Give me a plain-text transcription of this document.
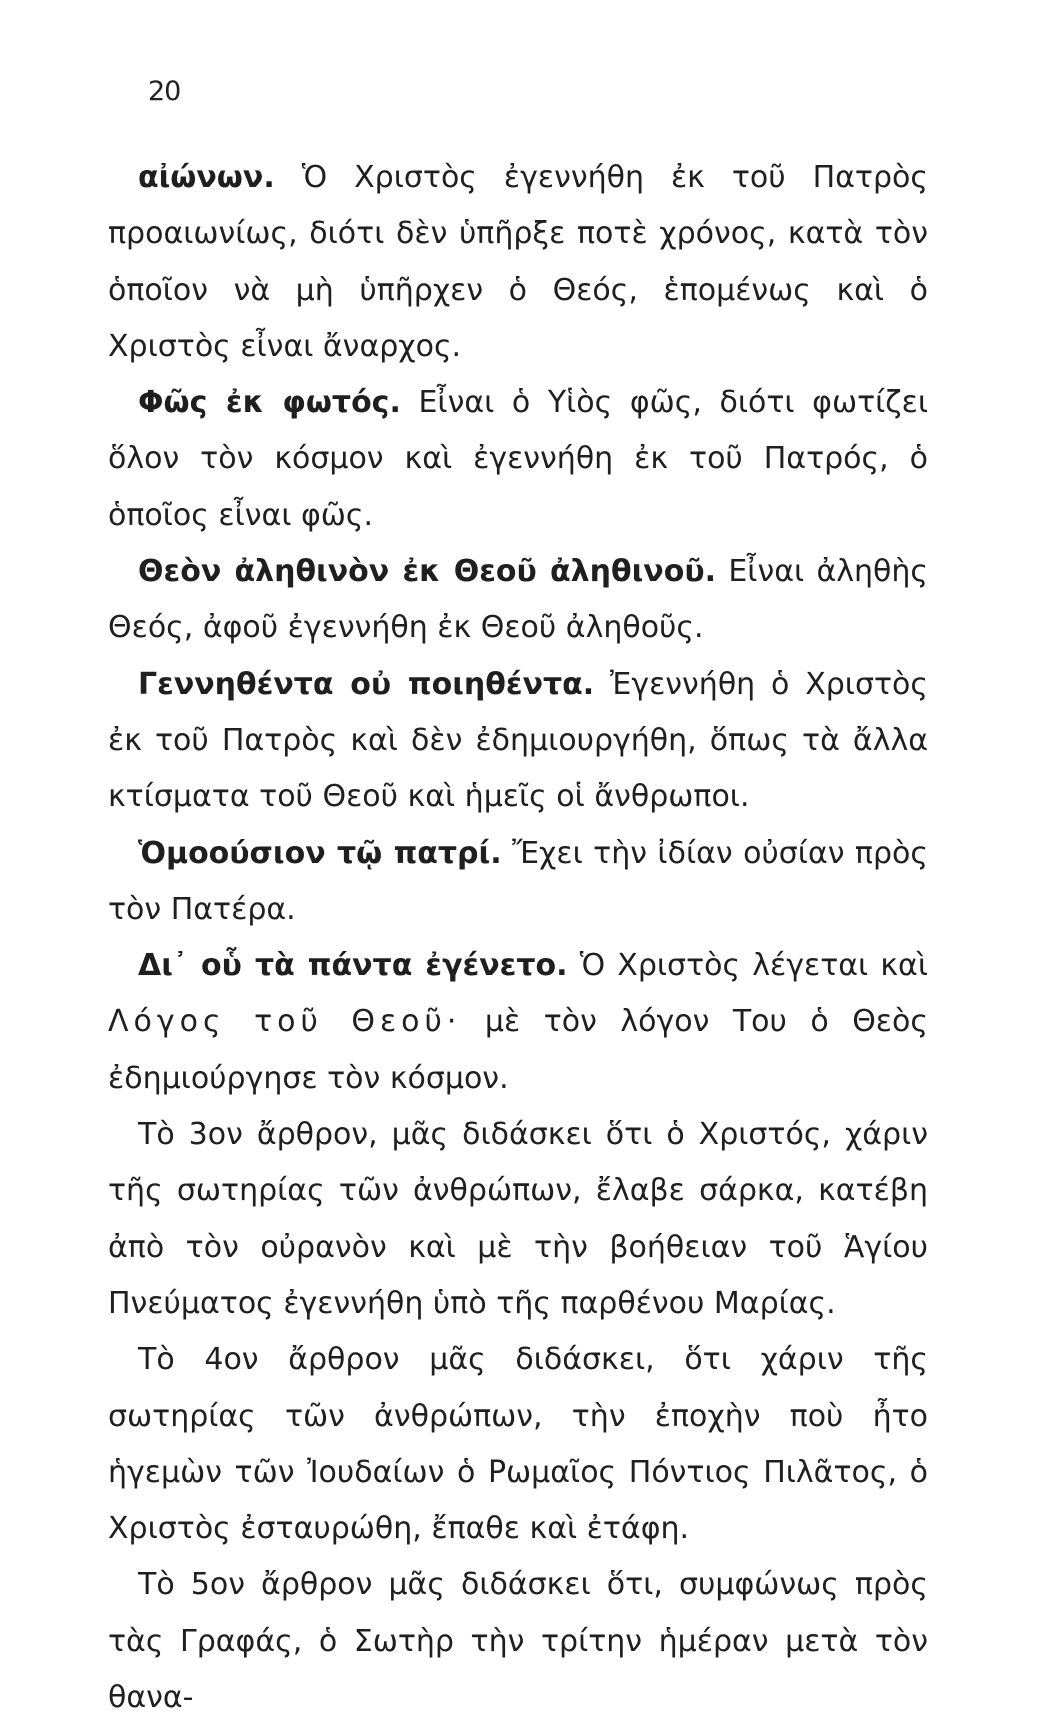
20

αἰώνων. Ὁ Χριστὸς ἐγεννήθη ἐκ τοῦ Πατρὸς προαιωνίως, διότι δὲν ὑπῆρξε ποτὲ χρόνος, κατὰ τὸν ὁποῖον νὰ μὴ ὑπῆρχεν ὁ Θεός, ἑπομένως καὶ ὁ Χριστὸς εἶναι ἄναρχος.

Φῶς ἐκ φωτός. Εἶναι ὁ Υἱὸς φῶς, διότι φωτίζει ὅλον τὸν κόσμον καὶ ἐγεννήθη ἐκ τοῦ Πατρός, ὁ ὁποῖος εἶναι φῶς.

Θεὸν ἀληθινὸν ἐκ Θεοῦ ἀληθινοῦ. Εἶναι ἀληθὴς Θεός, ἀφοῦ ἐγεννήθη ἐκ Θεοῦ ἀληθοῦς.

Γεννηθέντα οὐ ποιηθέντα. Ἐγεννήθη ὁ Χριστὸς ἐκ τοῦ Πατρὸς καὶ δὲν ἐδημιουργήθη, ὅπως τὰ ἄλλα κτίσματα τοῦ Θεοῦ καὶ ἡμεῖς οἱ ἄνθρωποι.

Ὁμοούσιον τῷ πατρί. Ἔχει τὴν ἰδίαν οὐσίαν πρὸς τὸν Πατέρα.

Δι᾽ οὗ τὰ πάντα ἐγένετο. Ὁ Χριστὸς λέγεται καὶ Λόγος τοῦ Θεοῦ· μὲ τὸν λόγον Του ὁ Θεὸς ἐδημιούργησε τὸν κόσμον.

Τὸ 3ον ἄρθρον, μᾶς διδάσκει ὅτι ὁ Χριστός, χάριν τῆς σωτηρίας τῶν ἀνθρώπων, ἔλαβε σάρκα, κατέβη ἀπὸ τὸν οὐρανὸν καὶ μὲ τὴν βοήθειαν τοῦ Ἁγίου Πνεύματος ἐγεννήθη ὑπὸ τῆς παρθένου Μαρίας.

Τὸ 4ον ἄρθρον μᾶς διδάσκει, ὅτι χάριν τῆς σωτηρίας τῶν ἀνθρώπων, τὴν ἐποχὴν ποὺ ἦτο ἡγεμὼν τῶν Ἰουδαίων ὁ Ρωμαῖος Πόντιος Πιλᾶτος, ὁ Χριστὸς ἐσταυρώθη, ἔπαθε καὶ ἐτάφη.

Τὸ 5ον ἄρθρον μᾶς διδάσκει ὅτι, συμφώνως πρὸς τὰς Γραφάς, ὁ Σωτὴρ τὴν τρίτην ἡμέραν μετὰ τὸν θανα-
